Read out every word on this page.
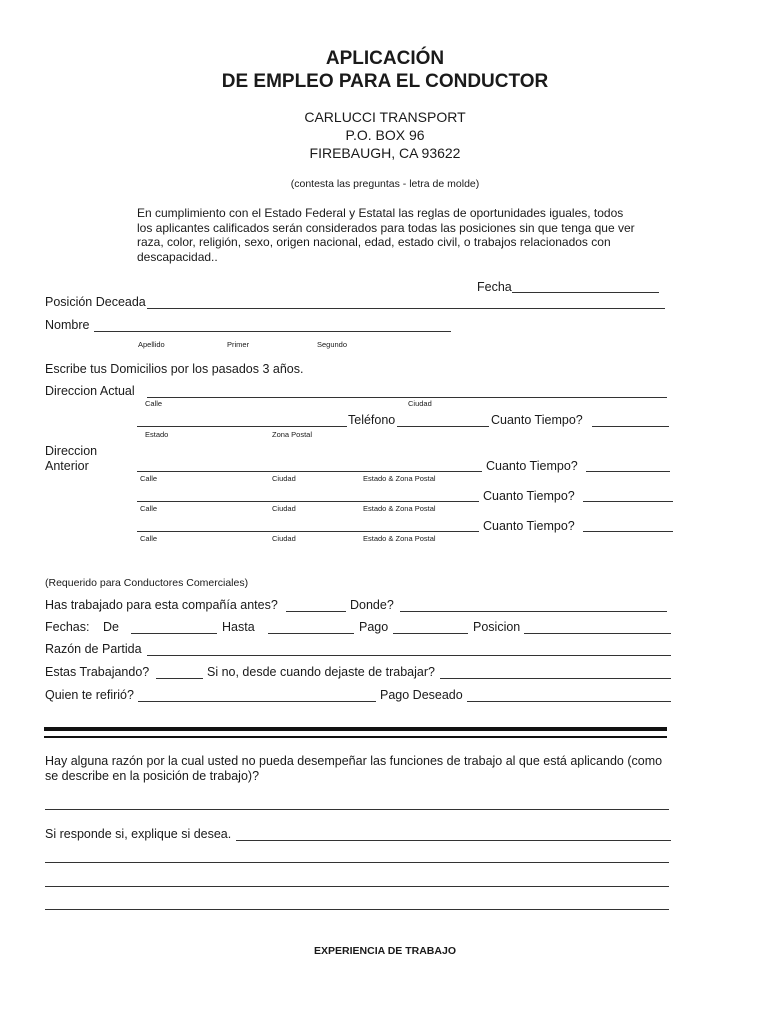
APLICACIÓN
DE EMPLEO PARA EL CONDUCTOR
CARLUCCI TRANSPORT
P.O. BOX 96
FIREBAUGH, CA 93622
(contesta las preguntas - letra de molde)
En cumplimiento con el Estado Federal y Estatal las reglas de oportunidades iguales, todos los aplicantes calificados serán considerados para todas las posiciones sin que tenga que ver raza, color, religión, sexo, origen nacional, edad, estado civil, o trabajos relacionados con descapacidad..
Fecha
Posición Deceada
Nombre
Apellido	Primer	Segundo
Escribe tus Domicilios por los pasados 3 años.
Direccion Actual
Calle	Ciudad
Teléfono	Cuanto Tiempo?
Estado	Zona Postal
Direccion
Anterior	Cuanto Tiempo?
Calle	Ciudad	Estado & Zona Postal
Cuanto Tiempo?
Calle	Ciudad	Estado & Zona Postal
Cuanto Tiempo?
Calle	Ciudad	Estado & Zona Postal
(Requerido para Conductores Comerciales)
Has trabajado para esta compañía antes?	Donde?
Fechas: De	Hasta	Pago	Posicion
Razón de Partida
Estas Trabajando?	Si no, desde cuando dejaste de trabajar?
Quien te refirió?	Pago Deseado
Hay alguna razón por la cual usted no pueda desempeñar las funciones de trabajo al que está aplicando (como se describe en la posición de trabajo)?
Si responde si, explique si desea.
EXPERIENCIA DE TRABAJO
